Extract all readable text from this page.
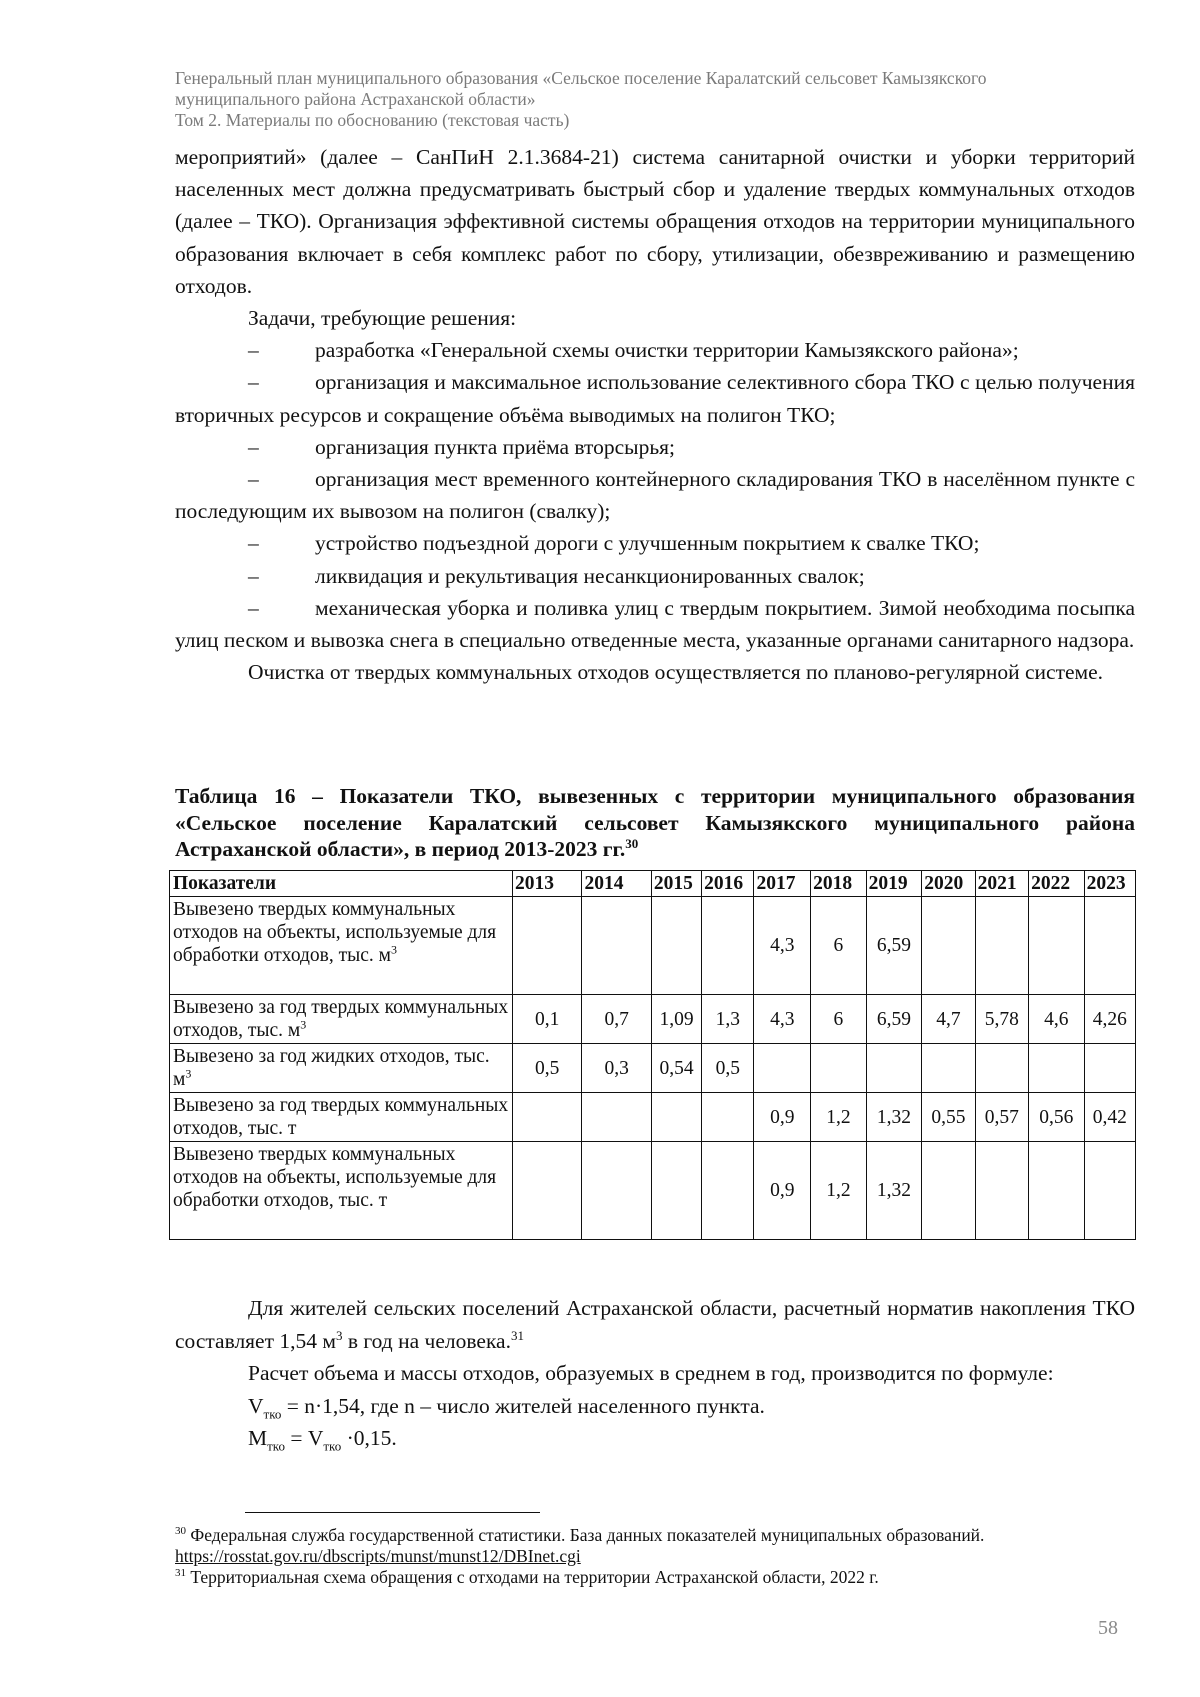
Генеральный план муниципального образования «Сельское поселение Каралатский сельсовет Камызякского
муниципального района Астраханской области»
Том 2. Материалы по обоснованию (текстовая часть)

мероприятий» (далее – СанПиН 2.1.3684-21) система санитарной очистки и уборки территорий населенных мест должна предусматривать быстрый сбор и удаление твердых коммунальных отходов (далее – ТКО). Организация эффективной системы обращения отходов на территории муниципального образования включает в себя комплекс работ по сбору, утилизации, обезвреживанию и размещению отходов.

Задачи, требующие решения:

–	разработка «Генеральной схемы очистки территории Камызякского района»;

–	организация и максимальное использование селективного сбора ТКО с целью получения вторичных ресурсов и сокращение объёма выводимых на полигон ТКО;

–	организация пункта приёма вторсырья;

–	организация мест временного контейнерного складирования ТКО в населённом пункте с последующим их вывозом на полигон (свалку);

–	устройство подъездной дороги с улучшенным покрытием к свалке ТКО;

–	ликвидация и рекультивация несанкционированных свалок;

–	механическая уборка и поливка улиц с твердым покрытием. Зимой необходима посыпка улиц песком и вывозка снега в специально отведенные места, указанные органами санитарного надзора.

Очистка от твердых коммунальных отходов осуществляется по планово-регулярной системе.

Таблица 16 – Показатели ТКО, вывезенных с территории муниципального образования «Сельское поселение Каралатский сельсовет Камызякского муниципального района Астраханской области», в период 2013-2023 гг.$^{30}$
Показатели	2013	2014	2015	2016	2017	2018	2019	2020	2021	2022	2023
Вывезено твердых коммунальных отходов на объекты, используемые для обработки отходов, тыс. $м^3$					4,3	6	6,59				
Вывезено за год твердых коммунальных отходов, тыс. $м^3$	0,1	0,7	1,09	1,3	4,3	6	6,59	4,7	5,78	4,6	4,26
Вывезено за год жидких отходов, тыс. $м^3$	0,5	0,3	0,54	0,5							
Вывезено за год твердых коммунальных отходов, тыс. т					0,9	1,2	1,32	0,55	0,57	0,56	0,42
Вывезено твердых коммунальных отходов на объекты, используемые для обработки отходов, тыс. т					0,9	1,2	1,32				

Для жителей сельских поселений Астраханской области, расчетный норматив накопления ТКО составляет 1,54 $м^3$ в год на человека.$^{31}$

Расчет объема и массы отходов, образуемых в среднем в год, производится по формуле:

$V_{тко} = n\cdot 1,54$, где n – число жителей населенного пункта.

$M_{тко} = V_{тко} \cdot 0,15$.

$^{30}$ Федеральная служба государственной статистики. База данных показателей муниципальных образований.
https://rosstat.gov.ru/dbscripts/munst/munst12/DBInet.cgi

$^{31}$ Территориальная схема обращения с отходами на территории Астраханской области, 2022 г.

58
